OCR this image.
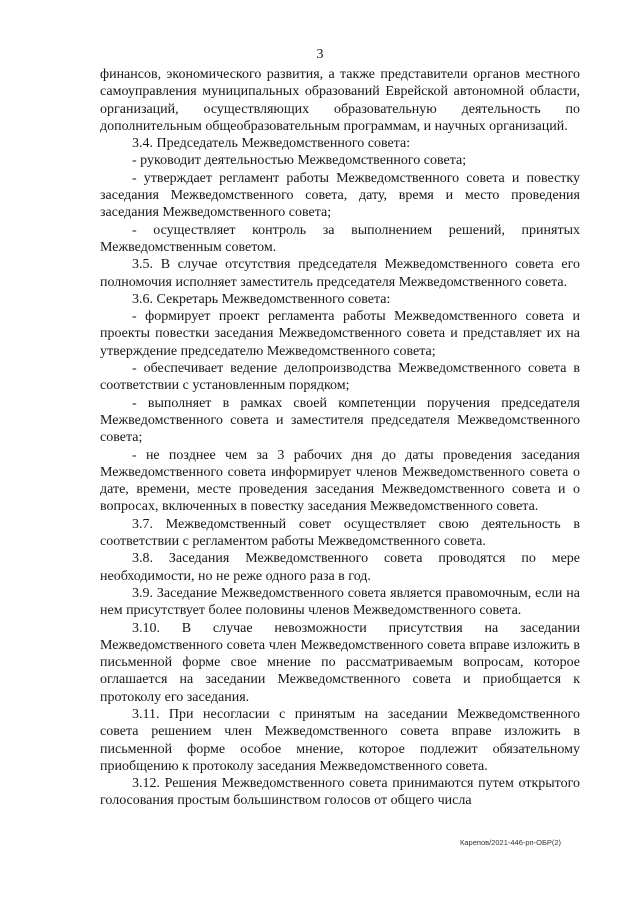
3

финансов, экономического развития, а также представители органов местного самоуправления муниципальных образований Еврейской автономной области, организаций, осуществляющих образовательную деятельность по дополнительным общеобразовательным программам, и научных организаций.

3.4. Председатель Межведомственного совета:

- руководит деятельностью Межведомственного совета;

- утверждает регламент работы Межведомственного совета и повестку заседания Межведомственного совета, дату, время и место проведения заседания Межведомственного совета;

- осуществляет контроль за выполнением решений, принятых Межведомственным советом.

3.5. В случае отсутствия председателя Межведомственного совета его полномочия исполняет заместитель председателя Межведомственного совета.

3.6. Секретарь Межведомственного совета:

- формирует проект регламента работы Межведомственного совета и проекты повестки заседания Межведомственного совета и представляет их на утверждение председателю Межведомственного совета;

- обеспечивает ведение делопроизводства Межведомственного совета в соответствии с установленным порядком;

- выполняет в рамках своей компетенции поручения председателя Межведомственного совета и заместителя председателя Межведомственного совета;

- не позднее чем за 3 рабочих дня до даты проведения заседания Межведомственного совета информирует членов Межведомственного совета о дате, времени, месте проведения заседания Межведомственного совета и о вопросах, включенных в повестку заседания Межведомственного совета.

3.7. Межведомственный совет осуществляет свою деятельность в соответствии с регламентом работы Межведомственного совета.

3.8. Заседания Межведомственного совета проводятся по мере необходимости, но не реже одного раза в год.

3.9. Заседание Межведомственного совета является правомочным, если на нем присутствует более половины членов Межведомственного совета.

3.10. В случае невозможности присутствия на заседании Межведомственного совета член Межведомственного совета вправе изложить в письменной форме свое мнение по рассматриваемым вопросам, которое оглашается на заседании Межведомственного совета и приобщается к протоколу его заседания.

3.11. При несогласии с принятым на заседании Межведомственного совета решением член Межведомственного совета вправе изложить в письменной форме особое мнение, которое подлежит обязательному приобщению к протоколу заседания Межведомственного совета.

3.12. Решения Межведомственного совета принимаются путем открытого голосования простым большинством голосов от общего числа

Карепов/2021-446-рп-ОБР(2)
